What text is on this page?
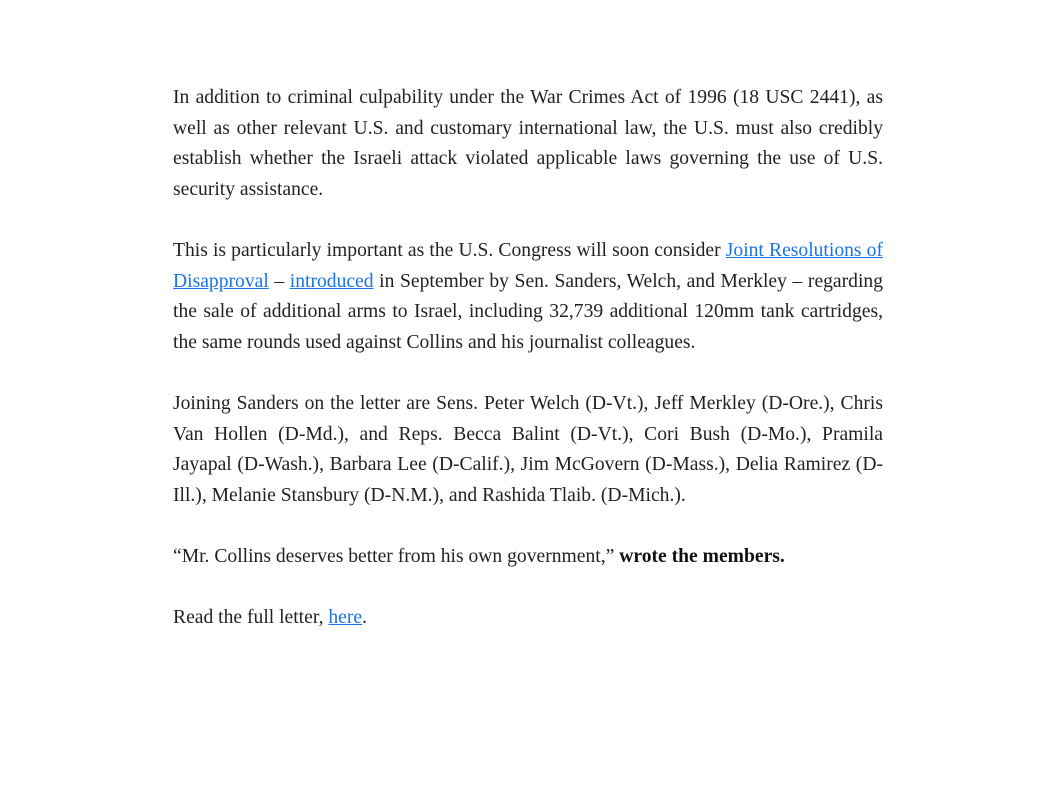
In addition to criminal culpability under the War Crimes Act of 1996 (18 USC 2441), as well as other relevant U.S. and customary international law, the U.S. must also credibly establish whether the Israeli attack violated applicable laws governing the use of U.S. security assistance.

This is particularly important as the U.S. Congress will soon consider Joint Resolutions of Disapproval – introduced in September by Sen. Sanders, Welch, and Merkley – regarding the sale of additional arms to Israel, including 32,739 additional 120mm tank cartridges, the same rounds used against Collins and his journalist colleagues.

Joining Sanders on the letter are Sens. Peter Welch (D-Vt.), Jeff Merkley (D-Ore.), Chris Van Hollen (D-Md.), and Reps. Becca Balint (D-Vt.), Cori Bush (D-Mo.), Pramila Jayapal (D-Wash.), Barbara Lee (D-Calif.), Jim McGovern (D-Mass.), Delia Ramirez (D-Ill.), Melanie Stansbury (D-N.M.), and Rashida Tlaib. (D-Mich.).

“Mr. Collins deserves better from his own government,” wrote the members.

Read the full letter, here.
